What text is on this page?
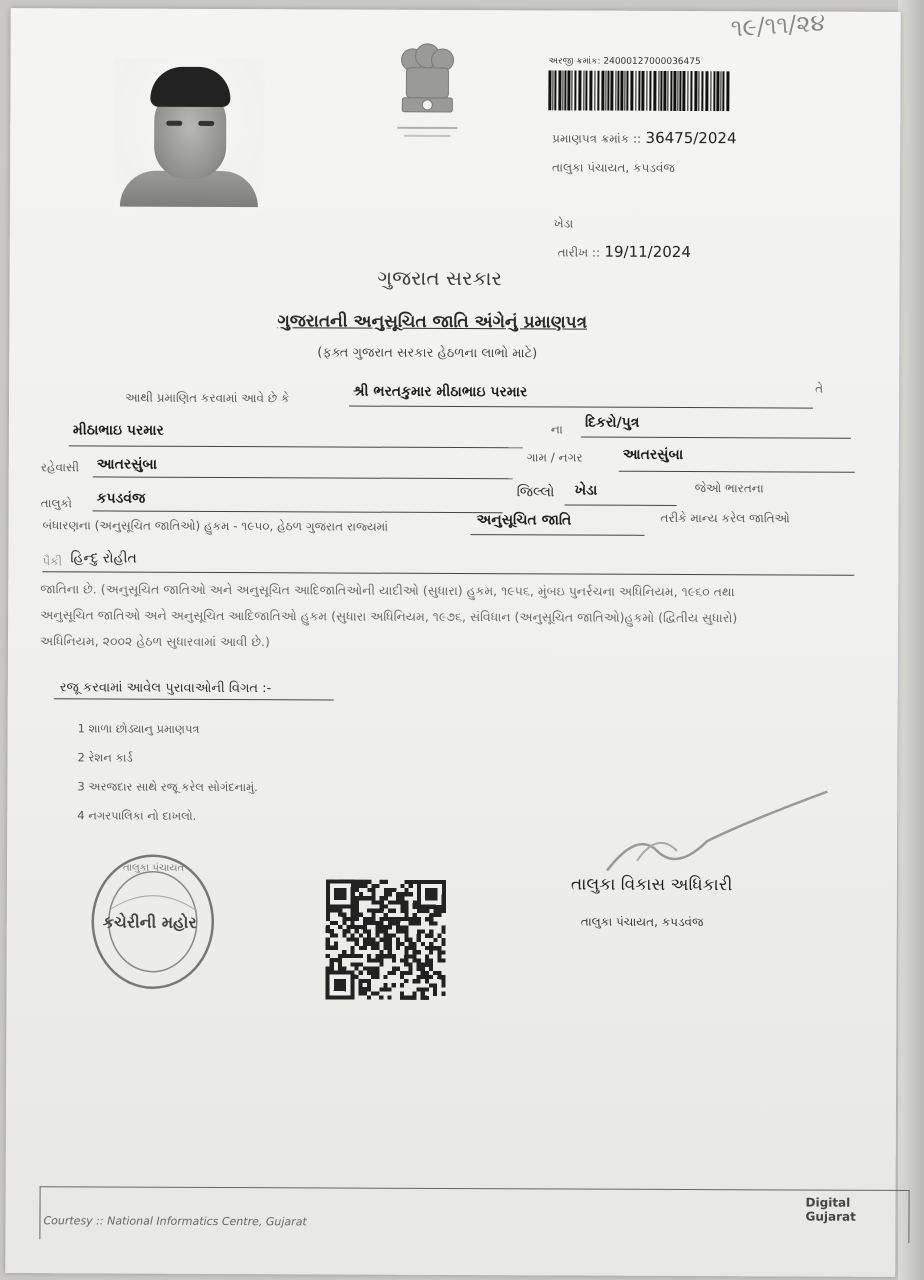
૧૯/૧૧/૨૪
અરજી ક્રમાંક: 24000127000036475
પ્રમાણપત્ર ક્રમાંક :: 36475/2024
તાલુકા પંચાયત, કપડવંજ
ખેડા
તારીખ :: 19/11/2024
ગુજરાત સરકાર
ગુજરાતની અનુસૂચિત જાતિ અંગેનું પ્રમાણપત્ર
(ફક્ત ગુજરાત સરકાર હેઠળના લાભો માટે)
આથી પ્રમાણિત કરવામાં આવે છે કે	શ્રી ભરતકુમાર મીઠાભાઇ પરમાર	તે
મીઠાભાઇ પરમાર	ના દિકરો/પુત્ર
રહેવાસી આતરસુંબા	ગામ / નગર	આતરસુંબા
તાલુકો કપડવંજ	જિલ્લો ખેડા	જેઓ ભારતના
બંધારણના (અનુસૂચિત જાતિઓ) હુકમ - ૧૯૫૦, હેઠળ ગુજરાત રાજ્યમાં	અનુસૂચિત જાતિ	તરીકે માન્ય કરેલ જાતિઓ
પૈકી હિન્દુ રોહીત
જાતિના છે. (અનુસૂચિત જાતિઓ અને અનુસૂચિત આદિજાતિઓની યાદીઓ (સુધારા) હુકમ, ૧૯૫૬, મુંબઇ પુનર્રચના અધિનિયમ, ૧૯૬૦ તથા
અનુસૂચિત જાતિઓ અને અનુસૂચિત આદિજાતિઓ હુકમ (સુધારા અધિનિયમ, ૧૯૭૬, સંવિધાન (અનુસૂચિત જાતિઓ)હુકમો (દ્વિતીય સુધારો)
અધિનિયમ, ૨૦૦૨ હેઠળ સુધારવામાં આવી છે.)
રજૂ કરવામાં આવેલ પુરાવાઓની વિગત :-
1 શાળા છોડ્યાનુ પ્રમાણપત્ર
2 રેશન કાર્ડ
3 અરજદાર સાથે રજૂ કરેલ સોગંદનામું.
4 નગરપાલિકા નો દાખલો.
તાલુકા વિકાસ અધિકારી
તાલુકા પંચાયત, કપડવંજ
તાલુકા પંચાયત
કચેરીની મહોર
Courtesy :: National Informatics Centre, Gujarat
Digital Gujarat
